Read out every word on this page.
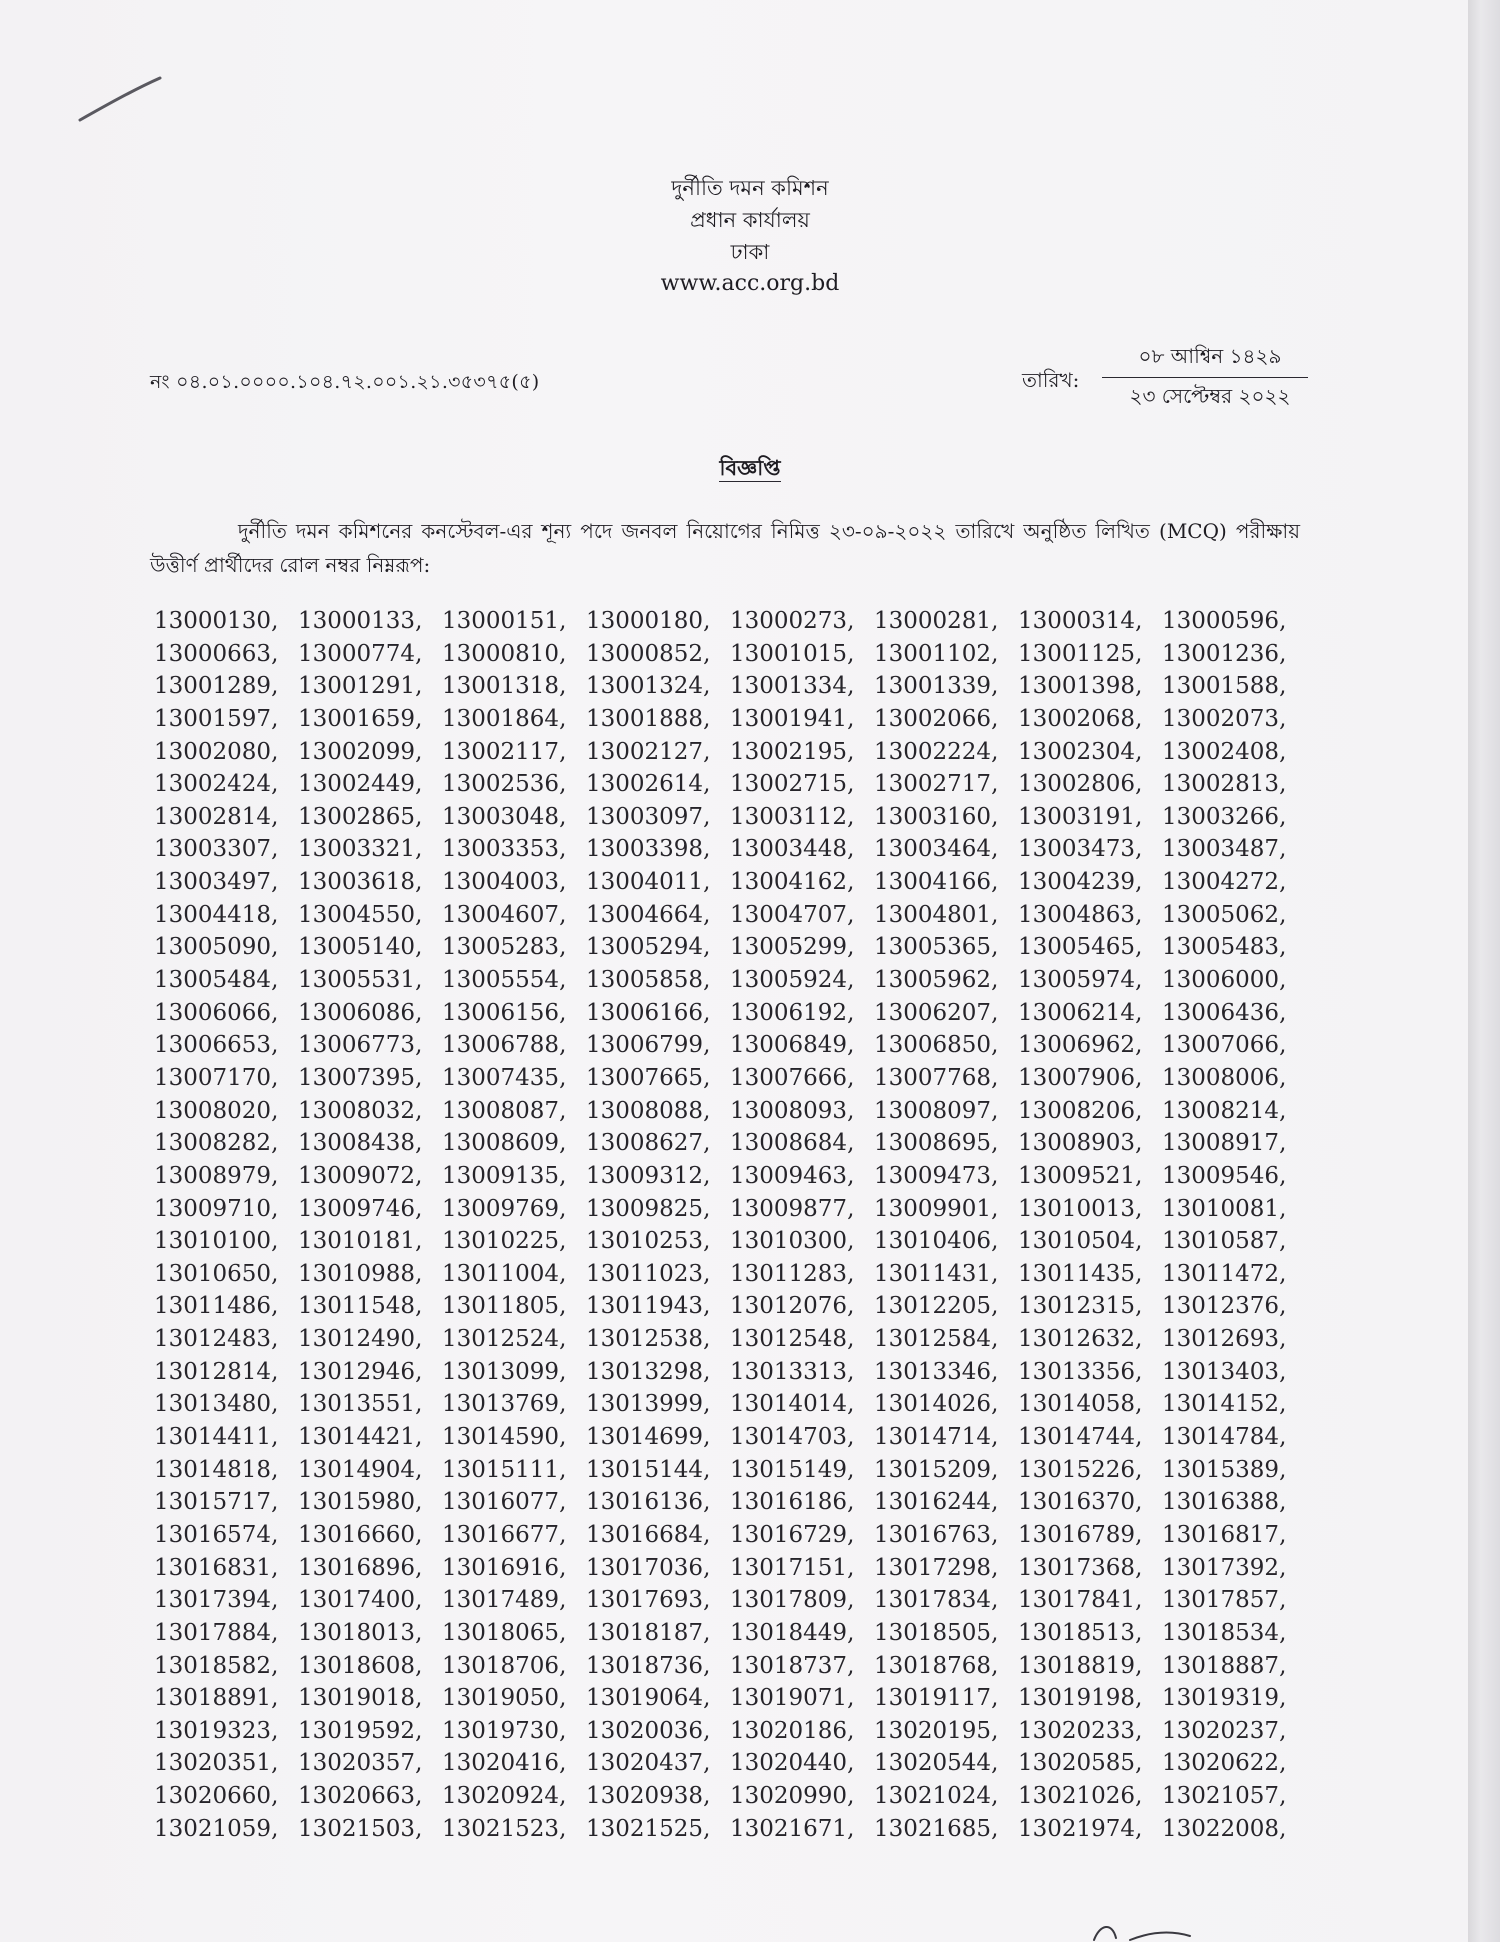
দুর্নীতি দমন কমিশন
প্রধান কার্যালয়
ঢাকা
www.acc.org.bd
নং ০৪.০১.০০০০.১০৪.৭২.০০১.২১.৩৫৩৭৫(৫)	তারিখ:
০৮ আশ্বিন ১৪২৯
২৩ সেপ্টেম্বর ২০২২
বিজ্ঞপ্তি
দুর্নীতি দমন কমিশনের কনস্টেবল-এর শূন্য পদে জনবল নিয়োগের নিমিত্ত ২৩-০৯-২০২২ তারিখে অনুষ্ঠিত লিখিত (MCQ) পরীক্ষায় উত্তীর্ণ প্রার্থীদের রোল নম্বর নিম্নরূপ:
13000130, 13000133, 13000151, 13000180, 13000273, 13000281, 13000314, 13000596,
13000663, 13000774, 13000810, 13000852, 13001015, 13001102, 13001125, 13001236,
13001289, 13001291, 13001318, 13001324, 13001334, 13001339, 13001398, 13001588,
13001597, 13001659, 13001864, 13001888, 13001941, 13002066, 13002068, 13002073,
13002080, 13002099, 13002117, 13002127, 13002195, 13002224, 13002304, 13002408,
13002424, 13002449, 13002536, 13002614, 13002715, 13002717, 13002806, 13002813,
13002814, 13002865, 13003048, 13003097, 13003112, 13003160, 13003191, 13003266,
13003307, 13003321, 13003353, 13003398, 13003448, 13003464, 13003473, 13003487,
13003497, 13003618, 13004003, 13004011, 13004162, 13004166, 13004239, 13004272,
13004418, 13004550, 13004607, 13004664, 13004707, 13004801, 13004863, 13005062,
13005090, 13005140, 13005283, 13005294, 13005299, 13005365, 13005465, 13005483,
13005484, 13005531, 13005554, 13005858, 13005924, 13005962, 13005974, 13006000,
13006066, 13006086, 13006156, 13006166, 13006192, 13006207, 13006214, 13006436,
13006653, 13006773, 13006788, 13006799, 13006849, 13006850, 13006962, 13007066,
13007170, 13007395, 13007435, 13007665, 13007666, 13007768, 13007906, 13008006,
13008020, 13008032, 13008087, 13008088, 13008093, 13008097, 13008206, 13008214,
13008282, 13008438, 13008609, 13008627, 13008684, 13008695, 13008903, 13008917,
13008979, 13009072, 13009135, 13009312, 13009463, 13009473, 13009521, 13009546,
13009710, 13009746, 13009769, 13009825, 13009877, 13009901, 13010013, 13010081,
13010100, 13010181, 13010225, 13010253, 13010300, 13010406, 13010504, 13010587,
13010650, 13010988, 13011004, 13011023, 13011283, 13011431, 13011435, 13011472,
13011486, 13011548, 13011805, 13011943, 13012076, 13012205, 13012315, 13012376,
13012483, 13012490, 13012524, 13012538, 13012548, 13012584, 13012632, 13012693,
13012814, 13012946, 13013099, 13013298, 13013313, 13013346, 13013356, 13013403,
13013480, 13013551, 13013769, 13013999, 13014014, 13014026, 13014058, 13014152,
13014411, 13014421, 13014590, 13014699, 13014703, 13014714, 13014744, 13014784,
13014818, 13014904, 13015111, 13015144, 13015149, 13015209, 13015226, 13015389,
13015717, 13015980, 13016077, 13016136, 13016186, 13016244, 13016370, 13016388,
13016574, 13016660, 13016677, 13016684, 13016729, 13016763, 13016789, 13016817,
13016831, 13016896, 13016916, 13017036, 13017151, 13017298, 13017368, 13017392,
13017394, 13017400, 13017489, 13017693, 13017809, 13017834, 13017841, 13017857,
13017884, 13018013, 13018065, 13018187, 13018449, 13018505, 13018513, 13018534,
13018582, 13018608, 13018706, 13018736, 13018737, 13018768, 13018819, 13018887,
13018891, 13019018, 13019050, 13019064, 13019071, 13019117, 13019198, 13019319,
13019323, 13019592, 13019730, 13020036, 13020186, 13020195, 13020233, 13020237,
13020351, 13020357, 13020416, 13020437, 13020440, 13020544, 13020585, 13020622,
13020660, 13020663, 13020924, 13020938, 13020990, 13021024, 13021026, 13021057,
13021059, 13021503, 13021523, 13021525, 13021671, 13021685, 13021974, 13022008,
